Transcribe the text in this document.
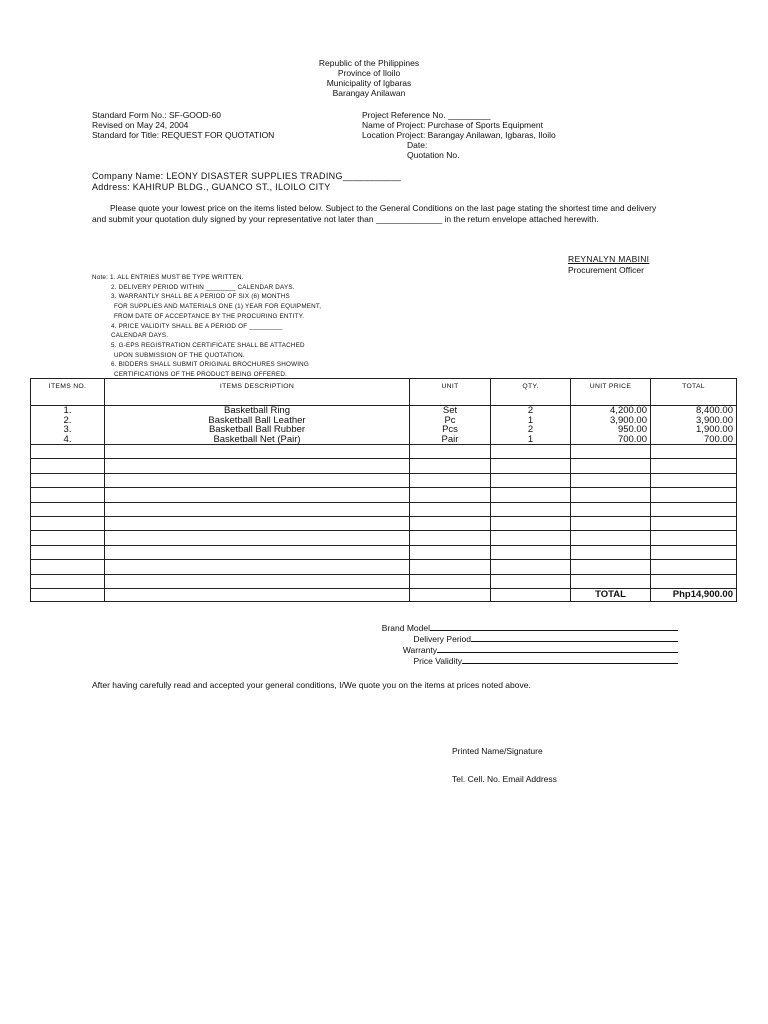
Republic of the Philippines
Province of Iloilo
Municipality of Igbaras
Barangay Anilawan
Standard Form No.: SF-GOOD-60
Revised on May 24, 2004
Standard for Title: REQUEST FOR QUOTATION
Project Reference No. _________
Name of Project: Purchase of Sports Equipment
Location Project: Barangay Anilawan, Igbaras, Iloilo
Date:
Quotation No.
Company Name: LEONY DISASTER SUPPLIES TRADING___________
Address: KAHIRUP BLDG., GUANCO ST., ILOILO CITY
Please quote your lowest price on the items listed below. Subject to the General Conditions on the last page stating the shortest time and delivery and submit your quotation duly signed by your representative not later than ______________ in the return envelope attached herewith.
REYNALYN MABINI
Procurement Officer
Note: 1. ALL ENTRIES MUST BE TYPE WRITTEN.
2. DELIVERY PERIOD WITHIN ________ CALENDAR DAYS.
3. WARRANTLY SHALL BE A PERIOD OF SIX (6) MONTHS
FOR SUPPLIES AND MATERIALS ONE (1) YEAR FOR EQUIPMENT,
FROM DATE OF ACCEPTANCE BY THE PROCURING ENTITY.
4. PRICE VALIDITY SHALL BE A PERIOD OF _________
CALENDAR DAYS.
5. G-EPS REGISTRATION CERTIFICATE SHALL BE ATTACHED
UPON SUBMISSION OF THE QUOTATION.
6. BIDDERS SHALL SUBMIT ORIGINAL BROCHURES SHOWING
CERTIFICATIONS OF THE PRODUCT BEING OFFERED.
ITEMS NO.	ITEMS DESCRIPTION	UNIT	QTY.	UNIT PRICE	TOTAL
1.	Basketball Ring	Set	2	4,200.00	8,400.00
2.	Basketball Ball Leather	Pc	1	3,900.00	3,900.00
3.	Basketball Ball Rubber	Pcs	2	950.00	1,900.00
4.	Basketball Net (Pair)	Pair	1	700.00	700.00

				TOTAL	Php14,900.00
Brand Model
Delivery Period
Warranty
Price Validity
After having carefully read and accepted your general conditions, I/We quote you on the items at prices noted above.
Printed Name/Signature
Tel. Cell. No. Email Address
